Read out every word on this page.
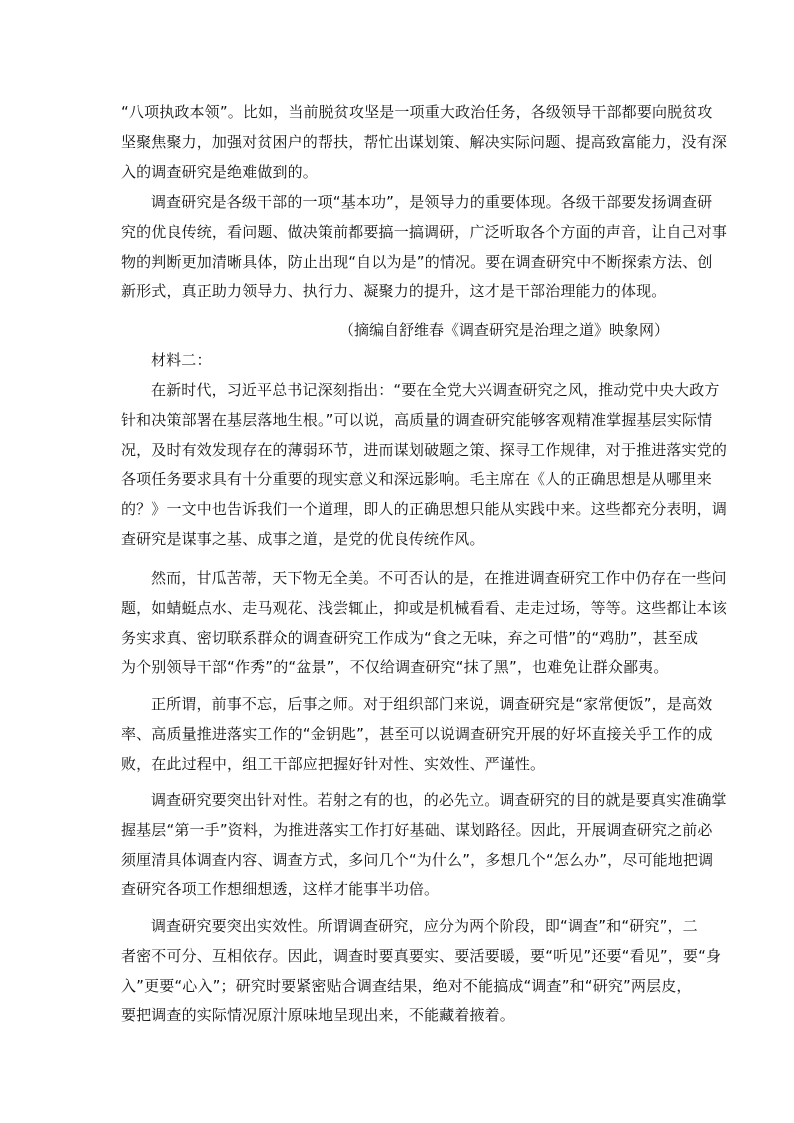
“八项执政本领”。比如，当前脱贫攻坚是一项重大政治任务，各级领导干部都要向脱贫攻
坚聚焦聚力，加强对贫困户的帮扶，帮忙出谋划策、解决实际问题、提高致富能力，没有深
入的调查研究是绝难做到的。
调查研究是各级干部的一项“基本功”，是领导力的重要体现。各级干部要发扬调查研
究的优良传统，看问题、做决策前都要搞一搞调研，广泛听取各个方面的声音，让自己对事
物的判断更加清晰具体，防止出现“自以为是”的情况。要在调查研究中不断探索方法、创
新形式，真正助力领导力、执行力、凝聚力的提升，这才是干部治理能力的体现。
（摘编自舒维春《调查研究是治理之道》映象网）
材料二：
在新时代，习近平总书记深刻指出：“要在全党大兴调查研究之风，推动党中央大政方
针和决策部署在基层落地生根。”可以说，高质量的调查研究能够客观精准掌握基层实际情
况，及时有效发现存在的薄弱环节，进而谋划破题之策、探寻工作规律，对于推进落实党的
各项任务要求具有十分重要的现实意义和深远影响。毛主席在《人的正确思想是从哪里来
的？》一文中也告诉我们一个道理，即人的正确思想只能从实践中来。这些都充分表明，调
查研究是谋事之基、成事之道，是党的优良传统作风。
然而，甘瓜苦蒂，天下物无全美。不可否认的是，在推进调查研究工作中仍存在一些问
题，如蜻蜓点水、走马观花、浅尝辄止，抑或是机械看看、走走过场，等等。这些都让本该
务实求真、密切联系群众的调查研究工作成为“食之无味，弃之可惜”的“鸡肋”，甚至成
为个别领导干部“作秀”的“盆景”，不仅给调查研究“抹了黑”，也难免让群众鄙夷。
正所谓，前事不忘，后事之师。对于组织部门来说，调查研究是“家常便饭”，是高效
率、高质量推进落实工作的“金钥匙”，甚至可以说调查研究开展的好坏直接关乎工作的成
败，在此过程中，组工干部应把握好针对性、实效性、严谨性。
调查研究要突出针对性。若射之有的也，的必先立。调查研究的目的就是要真实准确掌
握基层“第一手”资料，为推进落实工作打好基础、谋划路径。因此，开展调查研究之前必
须厘清具体调查内容、调查方式，多问几个“为什么”，多想几个“怎么办”，尽可能地把调
查研究各项工作想细想透，这样才能事半功倍。
调查研究要突出实效性。所谓调查研究，应分为两个阶段，即“调查”和“研究”，二
者密不可分、互相依存。因此，调查时要真要实、要活要暖，要“听见”还要“看见”，要“身
入”更要“心入”；研究时要紧密贴合调查结果，绝对不能搞成“调查”和“研究”两层皮，
要把调查的实际情况原汁原味地呈现出来，不能藏着掖着。
